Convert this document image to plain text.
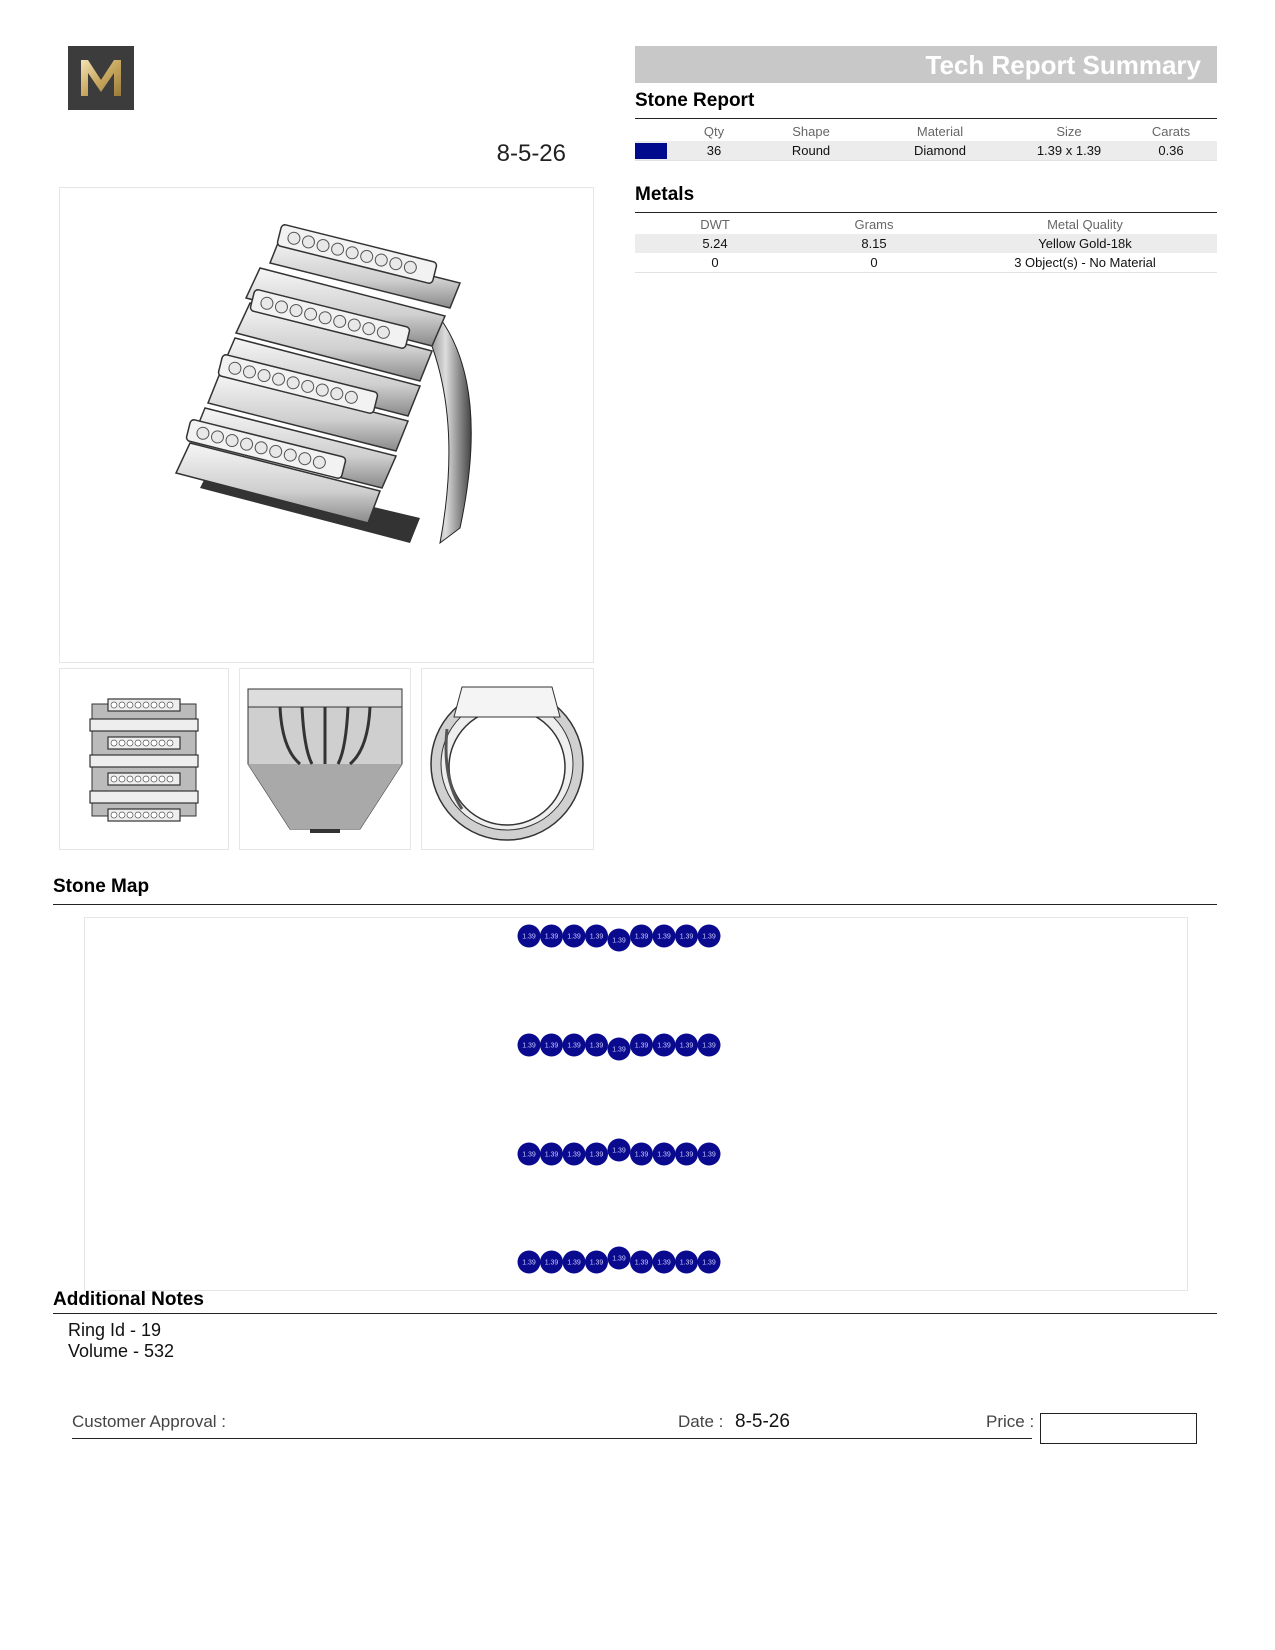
8-5-26
Tech Report Summary
Stone Report
	Qty	Shape	Material	Size	Carats
	36	Round	Diamond	1.39 x 1.39	0.36
Metals
DWT	Grams	Metal Quality
5.24	8.15	Yellow Gold-18k
0	0	3 Object(s) - No Material
Stone Map
1.39 1.39 1.39 1.39
1.39
1.39 1.39 1.39 1.39
1.39 1.39 1.39 1.39
1.39
1.39 1.39 1.39 1.39
1.39 1.39 1.39 1.39
1.39
1.39 1.39 1.39 1.39
1.39 1.39 1.39 1.39
1.39
1.39 1.39 1.39 1.39
Additional Notes
Ring Id - 19
Volume - 532
Customer Approval :	Date : 8-5-26	Price :
